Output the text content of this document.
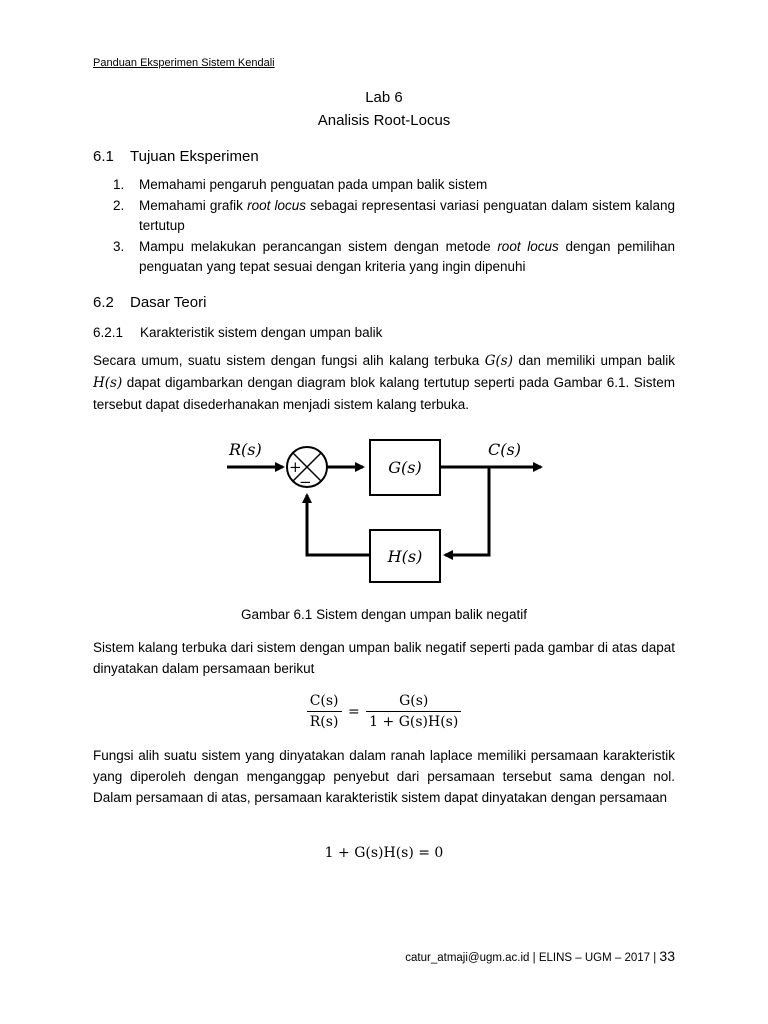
Panduan Eksperimen Sistem Kendali
Lab 6
Analisis Root-Locus
6.1 Tujuan Eksperimen
1. Memahami pengaruh penguatan pada umpan balik sistem
2. Memahami grafik root locus sebagai representasi variasi penguatan dalam sistem kalang tertutup
3. Mampu melakukan perancangan sistem dengan metode root locus dengan pemilihan penguatan yang tepat sesuai dengan kriteria yang ingin dipenuhi
6.2 Dasar Teori
6.2.1 Karakteristik sistem dengan umpan balik

Secara umum, suatu sistem dengan fungsi alih kalang terbuka G(s) dan memiliki umpan balik H(s) dapat digambarkan dengan diagram blok kalang tertutup seperti pada Gambar 6.1. Sistem tersebut dapat disederhanakan menjadi sistem kalang terbuka.

+
−
G(s)
H(s)
R(s)	C(s)
Gambar 6.1 Sistem dengan umpan balik negatif

Sistem kalang terbuka dari sistem dengan umpan balik negatif seperti pada gambar di atas dapat dinyatakan dalam persamaan berikut

$\frac{C(s)}{R(s)} = \frac{G(s)}{1 + G(s)H(s)}$

Fungsi alih suatu sistem yang dinyatakan dalam ranah laplace memiliki persamaan karakteristik yang diperoleh dengan menganggap penyebut dari persamaan tersebut sama dengan nol. Dalam persamaan di atas, persamaan karakteristik sistem dapat dinyatakan dengan persamaan

1 + G(s)H(s) = 0
catur_atmaji@ugm.ac.id | ELINS – UGM – 2017 | 33
